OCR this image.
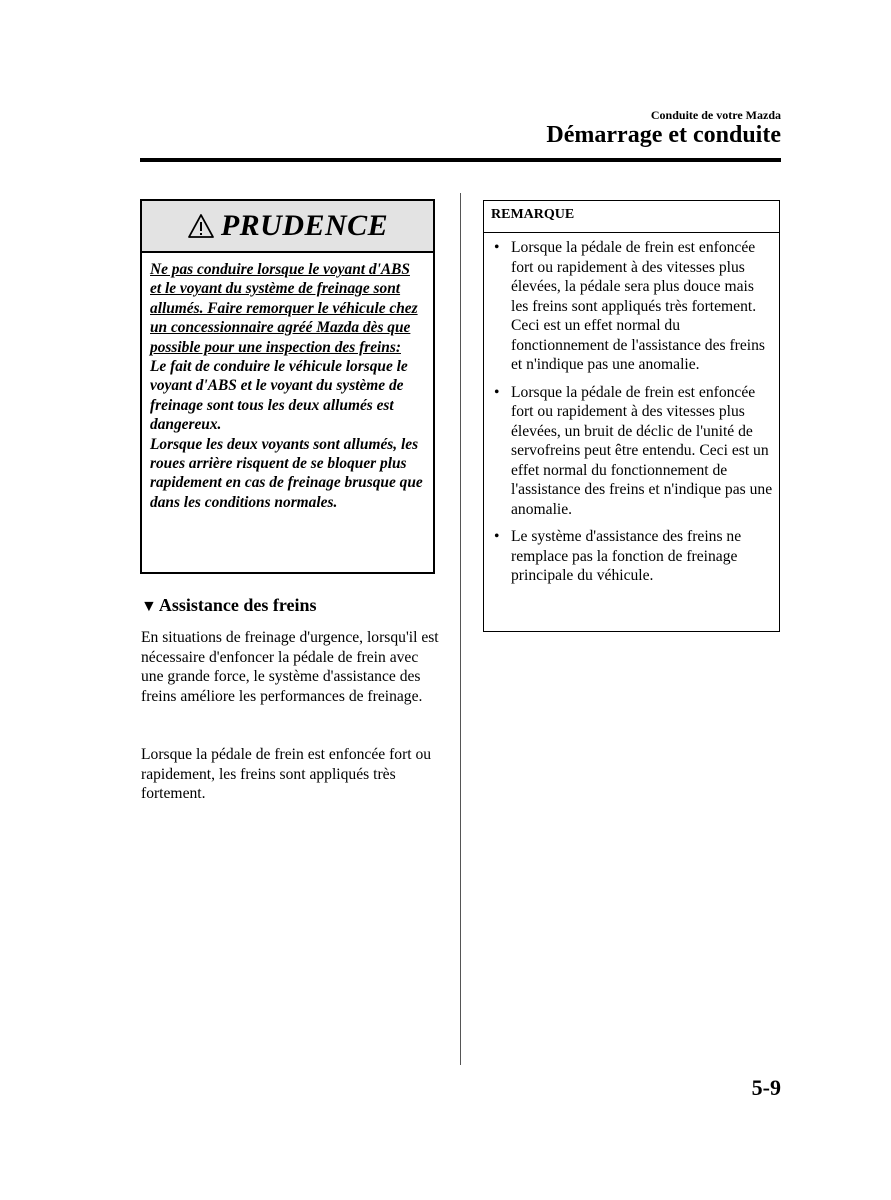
Conduite de votre Mazda
Démarrage et conduite
PRUDENCE

Ne pas conduire lorsque le voyant d'ABS et le voyant du système de freinage sont allumés. Faire remorquer le véhicule chez un concessionnaire agréé Mazda dès que possible pour une inspection des freins:

Le fait de conduire le véhicule lorsque le voyant d'ABS et le voyant du système de freinage sont tous les deux allumés est dangereux.

Lorsque les deux voyants sont allumés, les roues arrière risquent de se bloquer plus rapidement en cas de freinage brusque que dans les conditions normales.

▼ Assistance des freins

En situations de freinage d'urgence, lorsqu'il est nécessaire d'enfoncer la pédale de frein avec une grande force, le système d'assistance des freins améliore les performances de freinage.

Lorsque la pédale de frein est enfoncée fort ou rapidement, les freins sont appliqués très fortement.

REMARQUE
• Lorsque la pédale de frein est enfoncée fort ou rapidement à des vitesses plus élevées, la pédale sera plus douce mais les freins sont appliqués très fortement. Ceci est un effet normal du fonctionnement de l'assistance des freins et n'indique pas une anomalie.
• Lorsque la pédale de frein est enfoncée fort ou rapidement à des vitesses plus élevées, un bruit de déclic de l'unité de servofreins peut être entendu. Ceci est un effet normal du fonctionnement de l'assistance des freins et n'indique pas une anomalie.
• Le système d'assistance des freins ne remplace pas la fonction de freinage principale du véhicule.
5-9
